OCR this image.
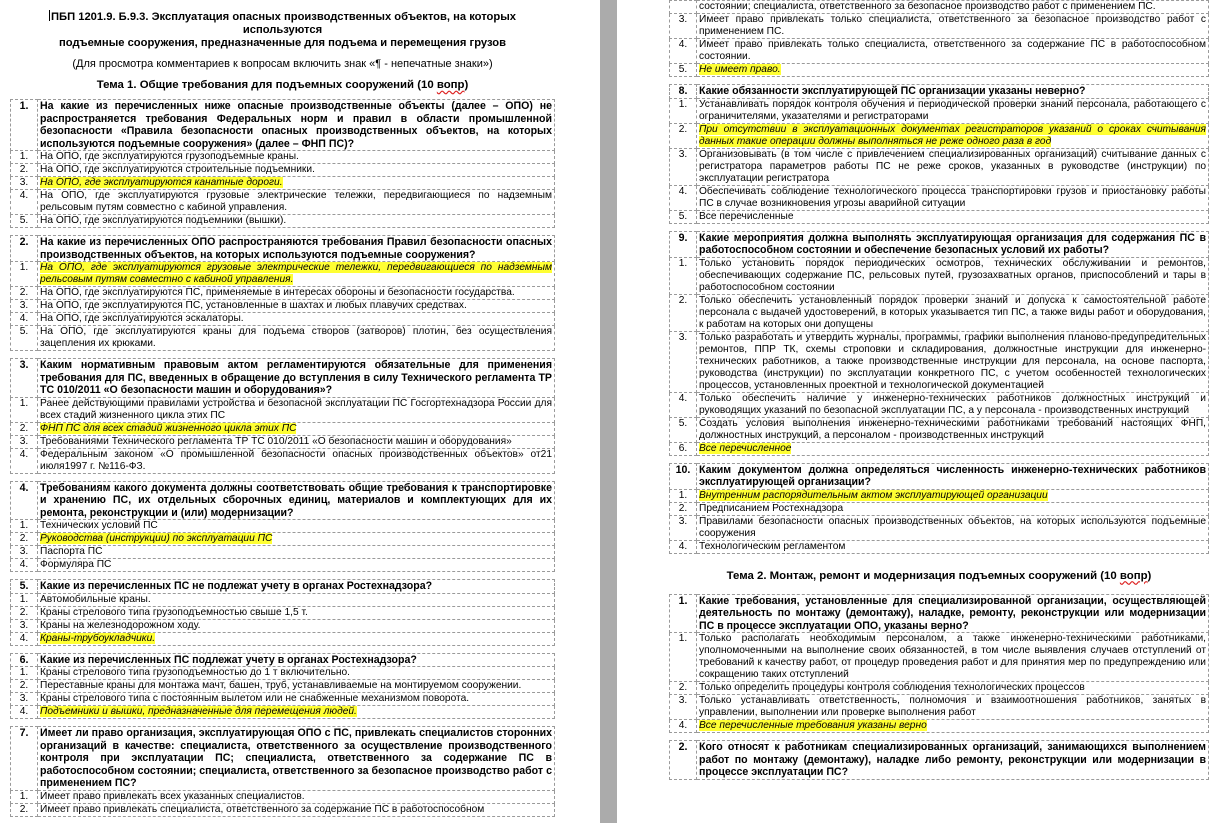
ПБП 1201.9. Б.9.3. Эксплуатация опасных производственных объектов, на которых используются
подъемные сооружения, предназначенные для подъема и перемещения грузов
(Для просмотра комментариев к вопросам включить знак «¶ - непечатные знаки»)
Тема 1. Общие требования для подъемных сооружений (10 вопр)
1.	На какие из перечисленных ниже опасные производственные объекты (далее – ОПО) не распространяется требования Федеральных норм и правил в области промышленной безопасности «Правила безопасности опасных производственных объектов, на которых используются подъемные сооружения» (далее – ФНП ПС)?
1.	На ОПО, где эксплуатируются грузоподъемные краны.
2.	На ОПО, где эксплуатируются строительные подъемники.
3.	На ОПО, где эксплуатируются канатные дороги.
4.	На ОПО, где эксплуатируются грузовые электрические тележки, передвигающиеся по надземным рельсовым путям совместно с кабиной управления.
5.	На ОПО, где эксплуатируются подъемники (вышки).
2.	На какие из перечисленных ОПО распространяются требования Правил безопасности опасных производственных объектов, на которых используются подъемные сооружения?
1.	На ОПО, где эксплуатируются грузовые электрические тележки, передвигающиеся по надземным рельсовым путям совместно с кабиной управления.
2.	На ОПО, где эксплуатируются ПС, применяемые в интересах обороны и безопасности государства.
3.	На ОПО, где эксплуатируются ПС, установленные в шахтах и любых плавучих средствах.
4.	На ОПО, где эксплуатируются эскалаторы.
5.	На ОПО, где эксплуатируются краны для подъема створов (затворов) плотин, без осуществления зацепления их крюками.
3.	Каким нормативным правовым актом регламентируются обязательные для применения требования для ПС, введенных в обращение до вступления в силу Технического регламента ТР ТС 010/2011 «О безопасности машин и оборудования»?
1.	Ранее действующими правилами устройства и безопасной эксплуатации ПС Госгортехнадзора России для всех стадий жизненного цикла этих ПС
2.	ФНП ПС для всех стадий жизненного цикла этих ПС
3.	Требованиями Технического регламента ТР ТС 010/2011 «О безопасности машин и оборудования»
4.	Федеральным законом «О промышленной безопасности опасных производственных объектов» от21 июля1997 г. №116-ФЗ.
4.	Требованиям какого документа должны соответствовать общие требования к транспортировке и хранению ПС, их отдельных сборочных единиц, материалов и комплектующих для их ремонта, реконструкции и (или) модернизации?
1.	Технических условий ПС
2.	Руководства (инструкции) по эксплуатации ПС
3.	Паспорта ПС
4.	Формуляра ПС
5.	Какие из перечисленных ПС не подлежат учету в органах Ростехнадзора?
1.	Автомобильные краны.
2.	Краны стрелового типа грузоподъемностью свыше 1,5 т.
3.	Краны на железнодорожном ходу.
4.	Краны-трубоукладчики.
6.	Какие из перечисленных ПС подлежат учету в органах Ростехнадзора?
1.	Краны стрелового типа грузоподъемностью до 1 т включительно.
2.	Переставные краны для монтажа мачт, башен, труб, устанавливаемые на монтируемом сооружении.
3.	Краны стрелового типа с постоянным вылетом или не снабженные механизмом поворота.
4.	Подъемники и вышки, предназначенные для перемещения людей.
7.	Имеет ли право организация, эксплуатирующая ОПО с ПС, привлекать специалистов сторонних организаций в качестве: специалиста, ответственного за осуществление производственного контроля при эксплуатации ПС; специалиста, ответственного за содержание ПС в работоспособном состоянии; специалиста, ответственного за безопасное производство работ с применением ПС?
1.	Имеет право привлекать всех указанных специалистов.
2.	Имеет право привлекать специалиста, ответственного за содержание ПС в работоспособном
	состоянии; специалиста, ответственного за безопасное производство работ с применением ПС.
3.	Имеет право привлекать только специалиста, ответственного за безопасное производство работ с применением ПС.
4.	Имеет право привлекать только специалиста, ответственного за содержание ПС в работоспособном состоянии.
5.	Не имеет право.
8.	Какие обязанности эксплуатирующей ПС организации указаны неверно?
1.	Устанавливать порядок контроля обучения и периодической проверки знаний персонала, работающего с ограничителями, указателями и регистраторами
2.	При отсутствии в эксплуатационных документах регистраторов указаний о сроках считывания данных такие операции должны выполняться не реже одного раза в год
3.	Организовывать (в том числе с привлечением специализированных организаций) считывание данных с регистратора параметров работы ПС не реже сроков, указанных в руководстве (инструкции) по эксплуатации регистратора
4.	Обеспечивать соблюдение технологического процесса транспортировки грузов и приостановку работы ПС в случае возникновения угрозы аварийной ситуации
5.	Все перечисленные
9.	Какие мероприятия должна выполнять эксплуатирующая организация для содержания ПС в работоспособном состоянии и обеспечение безопасных условий их работы?
1.	Только установить порядок периодических осмотров, технических обслуживании и ремонтов, обеспечивающих содержание ПС, рельсовых путей, грузозахватных органов, приспособлений и тары в работоспособном состоянии
2.	Только обеспечить установленный порядок проверки знаний и допуска к самостоятельной работе персонала с выдачей удостоверений, в которых указывается тип ПС, а также виды работ и оборудования, к работам на которых они допущены
3.	Только разработать и утвердить журналы, программы, графики выполнения планово-предупредительных ремонтов, ППР ТК, схемы строповки и складирования, должностные инструкции для инженерно- технических работников, а также производственные инструкции для персонала, на основе паспорта, руководства (инструкции) по эксплуатации конкретного ПС, с учетом особенностей технологических процессов, установленных проектной и технологической документацией
4.	Только обеспечить наличие у инженерно-технических работников должностных инструкций и руководящих указаний по безопасной эксплуатации ПС, а у персонала - производственных инструкций
5.	Создать условия выполнения инженерно-техническими работниками требований настоящих ФНП, должностных инструкций, а персоналом - производственных инструкций
6.	Все перечисленное
10.	Каким документом должна определяться численность инженерно-технических работников эксплуатирующей организации?
1.	Внутренним распорядительным актом эксплуатирующей организации
2.	Предписанием Ростехнадзора
3.	Правилами безопасности опасных производственных объектов, на которых используются подъемные сооружения
4.	Технологическим регламентом
Тема 2. Монтаж, ремонт и модернизация подъемных сооружений (10 вопр)
1.	Какие требования, установленные для специализированной организации, осуществляющей деятельность по монтажу (демонтажу), наладке, ремонту, реконструкции или модернизации ПС в процессе эксплуатации ОПО, указаны верно?
1.	Только располагать необходимым персоналом, а также инженерно-техническими работниками, уполномоченными на выполнение своих обязанностей, в том числе выявления случаев отступлений от требований к качеству работ, от процедур проведения работ и для принятия мер по предупреждению или сокращению таких отступлений
2.	Только определить процедуры контроля соблюдения технологических процессов
3.	Только устанавливать ответственность, полномочия и взаимоотношения работников, занятых в управлении, выполнении или проверке выполнения работ
4.	Все перечисленные требования указаны верно
2.	Кого относят к работникам специализированных организаций, занимающихся выполнением работ по монтажу (демонтажу), наладке либо ремонту, реконструкции или модернизации в процессе эксплуатации ПС?
